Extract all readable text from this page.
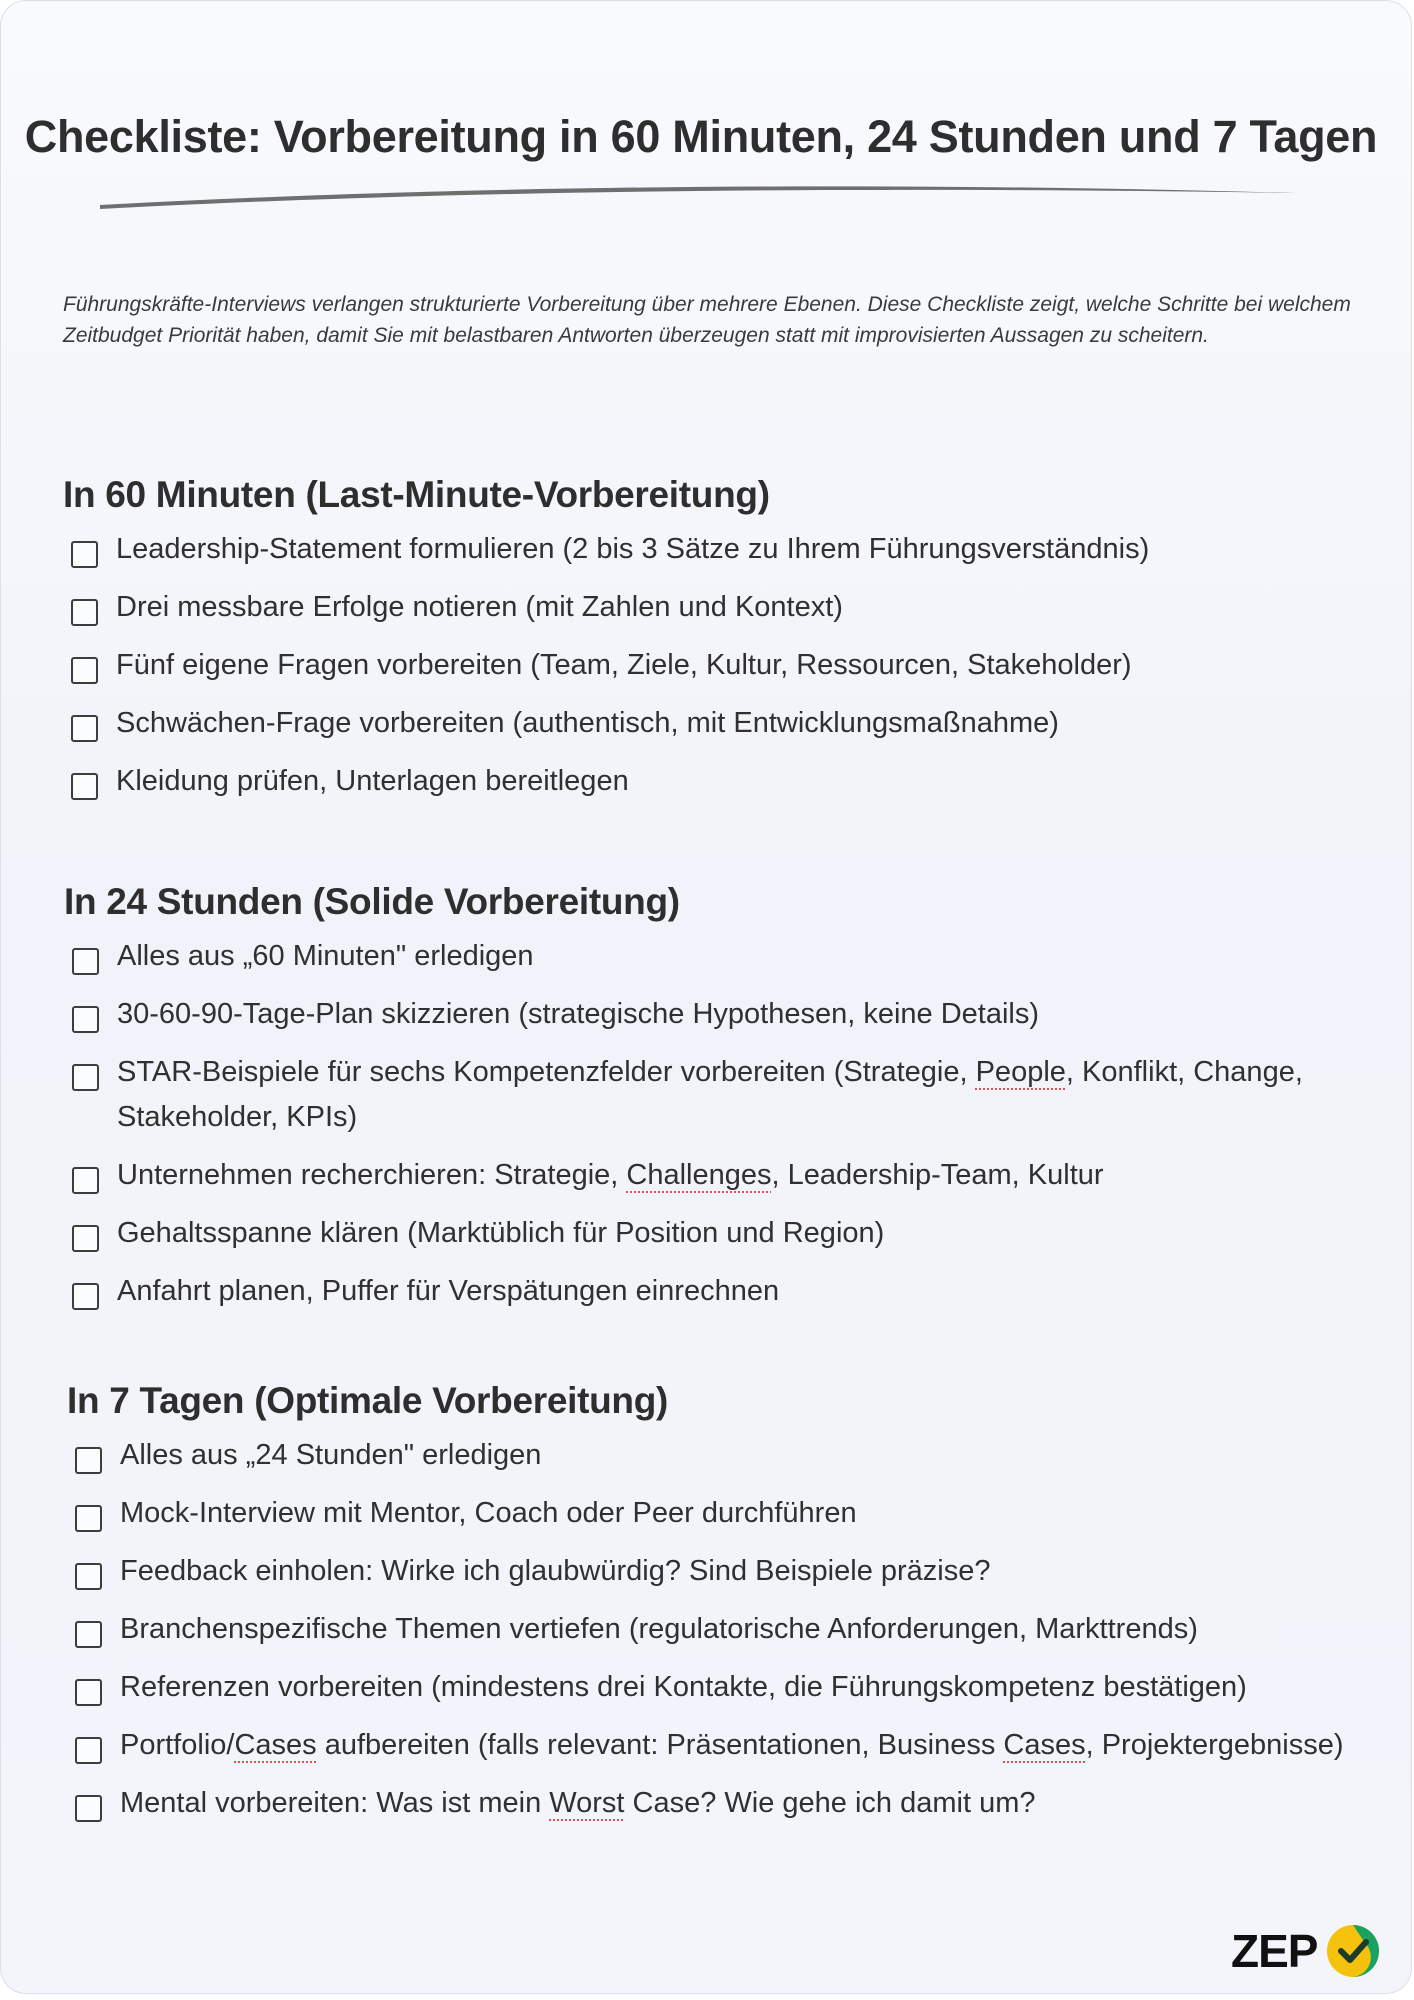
Checkliste: Vorbereitung in 60 Minuten, 24 Stunden und 7 Tagen
Führungskräfte-Interviews verlangen strukturierte Vorbereitung über mehrere Ebenen. Diese Checkliste zeigt, welche Schritte bei welchem Zeitbudget Priorität haben, damit Sie mit belastbaren Antworten überzeugen statt mit improvisierten Aussagen zu scheitern.
In 60 Minuten (Last-Minute-Vorbereitung)
Leadership-Statement formulieren (2 bis 3 Sätze zu Ihrem Führungsverständnis)
Drei messbare Erfolge notieren (mit Zahlen und Kontext)
Fünf eigene Fragen vorbereiten (Team, Ziele, Kultur, Ressourcen, Stakeholder)
Schwächen-Frage vorbereiten (authentisch, mit Entwicklungsmaßnahme)
Kleidung prüfen, Unterlagen bereitlegen
In 24 Stunden (Solide Vorbereitung)
Alles aus „60 Minuten" erledigen
30-60-90-Tage-Plan skizzieren (strategische Hypothesen, keine Details)
STAR-Beispiele für sechs Kompetenzfelder vorbereiten (Strategie, People, Konflikt, Change, Stakeholder, KPIs)
Unternehmen recherchieren: Strategie, Challenges, Leadership-Team, Kultur
Gehaltsspanne klären (Marktüblich für Position und Region)
Anfahrt planen, Puffer für Verspätungen einrechnen
In 7 Tagen (Optimale Vorbereitung)
Alles aus „24 Stunden" erledigen
Mock-Interview mit Mentor, Coach oder Peer durchführen
Feedback einholen: Wirke ich glaubwürdig? Sind Beispiele präzise?
Branchenspezifische Themen vertiefen (regulatorische Anforderungen, Markttrends)
Referenzen vorbereiten (mindestens drei Kontakte, die Führungskompetenz bestätigen)
Portfolio/Cases aufbereiten (falls relevant: Präsentationen, Business Cases, Projektergebnisse)
Mental vorbereiten: Was ist mein Worst Case? Wie gehe ich damit um?
ZEP
